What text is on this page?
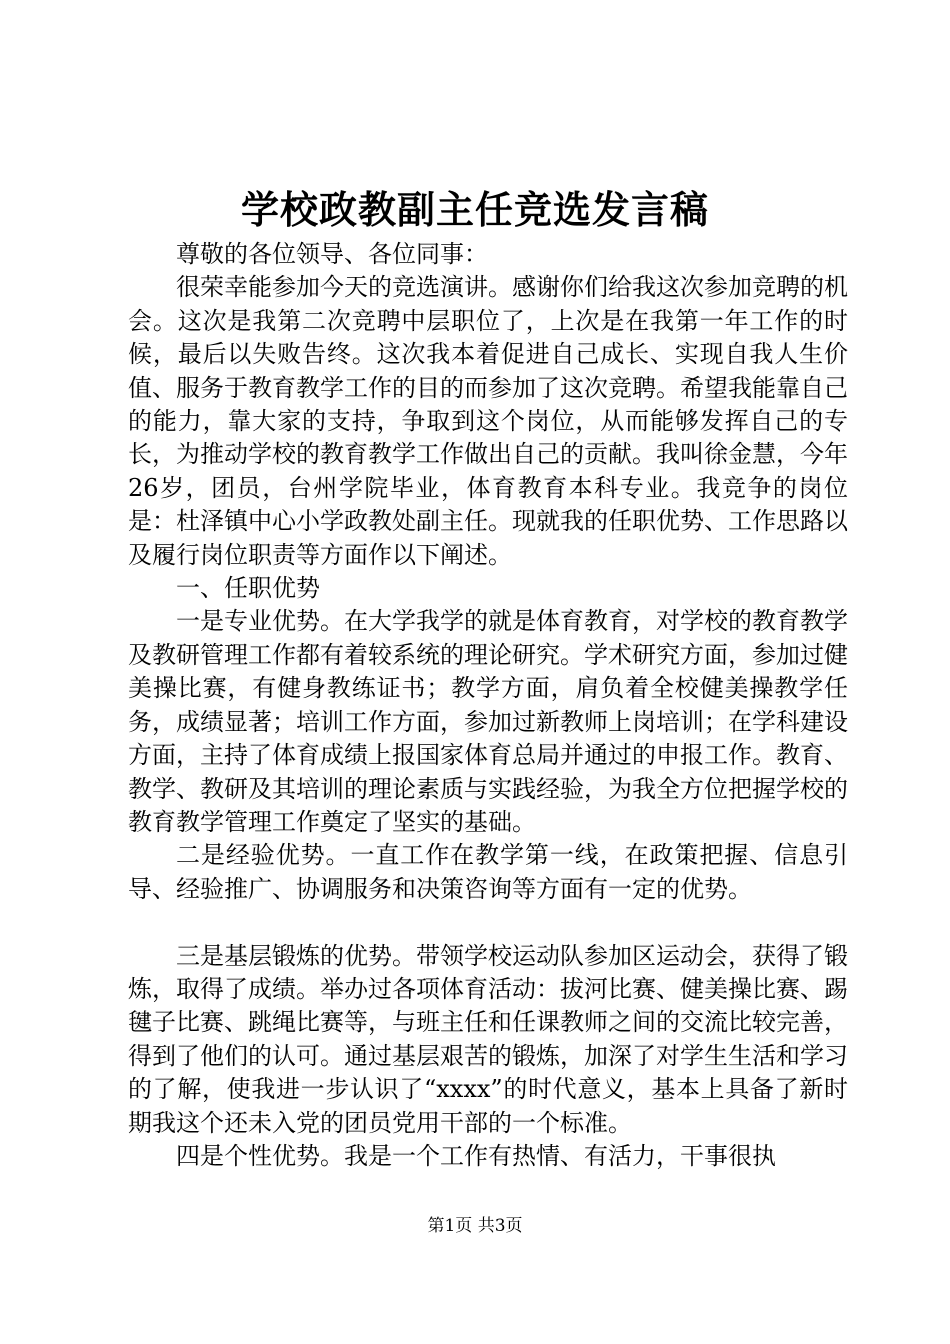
学校政教副主任竞选发言稿

尊敬的各位领导、各位同事：

很荣幸能参加今天的竞选演讲。感谢你们给我这次参加竞聘的机会。这次是我第二次竞聘中层职位了，上次是在我第一年工作的时候，最后以失败告终。这次我本着促进自己成长、实现自我人生价值、服务于教育教学工作的目的而参加了这次竞聘。希望我能靠自己的能力，靠大家的支持，争取到这个岗位，从而能够发挥自己的专长，为推动学校的教育教学工作做出自己的贡献。我叫徐金慧，今年26岁，团员，台州学院毕业，体育教育本科专业。我竞争的岗位是：杜泽镇中心小学政教处副主任。现就我的任职优势、工作思路以及履行岗位职责等方面作以下阐述。

一、任职优势

一是专业优势。在大学我学的就是体育教育，对学校的教育教学及教研管理工作都有着较系统的理论研究。学术研究方面，参加过健美操比赛，有健身教练证书；教学方面，肩负着全校健美操教学任务，成绩显著；培训工作方面，参加过新教师上岗培训；在学科建设方面，主持了体育成绩上报国家体育总局并通过的申报工作。教育、教学、教研及其培训的理论素质与实践经验，为我全方位把握学校的教育教学管理工作奠定了坚实的基础。

二是经验优势。一直工作在教学第一线，在政策把握、信息引导、经验推广、协调服务和决策咨询等方面有一定的优势。

三是基层锻炼的优势。带领学校运动队参加区运动会，获得了锻炼，取得了成绩。举办过各项体育活动：拔河比赛、健美操比赛、踢毽子比赛、跳绳比赛等，与班主任和任课教师之间的交流比较完善，得到了他们的认可。通过基层艰苦的锻炼，加深了对学生生活和学习的了解，使我进一步认识了“xxxx”的时代意义，基本上具备了新时期我这个还未入党的团员党用干部的一个标准。

四是个性优势。我是一个工作有热情、有活力，干事很执

第1页 共3页
